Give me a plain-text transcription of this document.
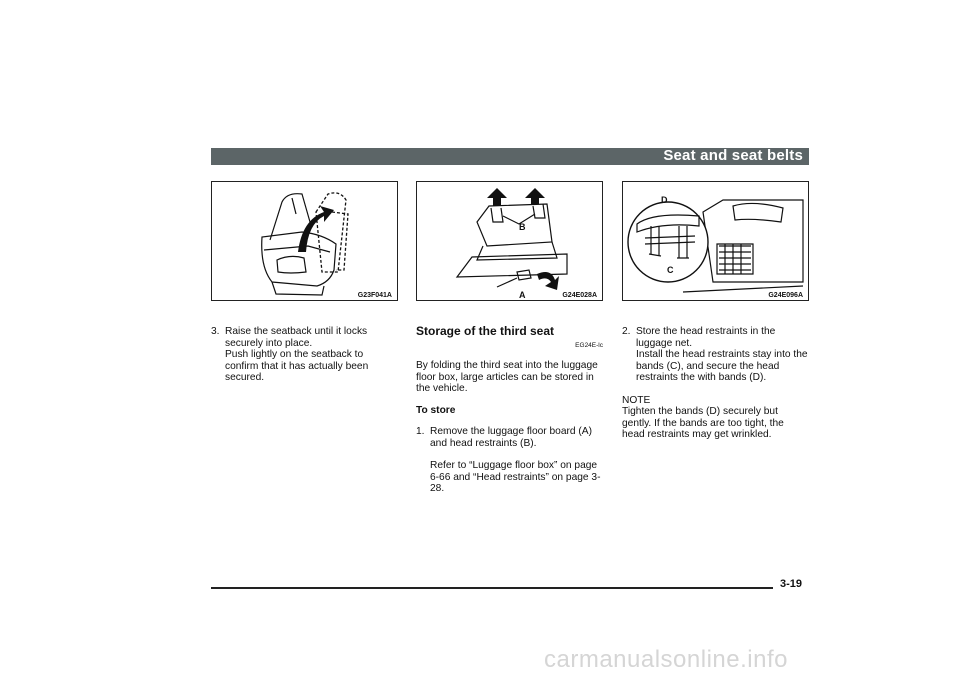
Seat and seat belts
G23F041A
B
A	G24E028A
D
C
G24E096A
3. Raise the seatback until it locks securely into place.

Push lightly on the seatback to confirm that it has actually been secured.

Storage of the third seat
EG24E-lc

By folding the third seat into the luggage floor box, large articles can be stored in the vehicle.

To store
1. Remove the luggage floor board (A) and head restraints (B).

Refer to “Luggage floor box” on page 6-66 and “Head restraints” on page 3-28.

2. Store the head restraints in the luggage net.

Install the head restraints stay into the bands (C), and secure the head restraints the with bands (D).

NOTE

Tighten the bands (D) securely but gently. If the bands are too tight, the head restraints may get wrinkled.

3-19
carmanualsonline.info
